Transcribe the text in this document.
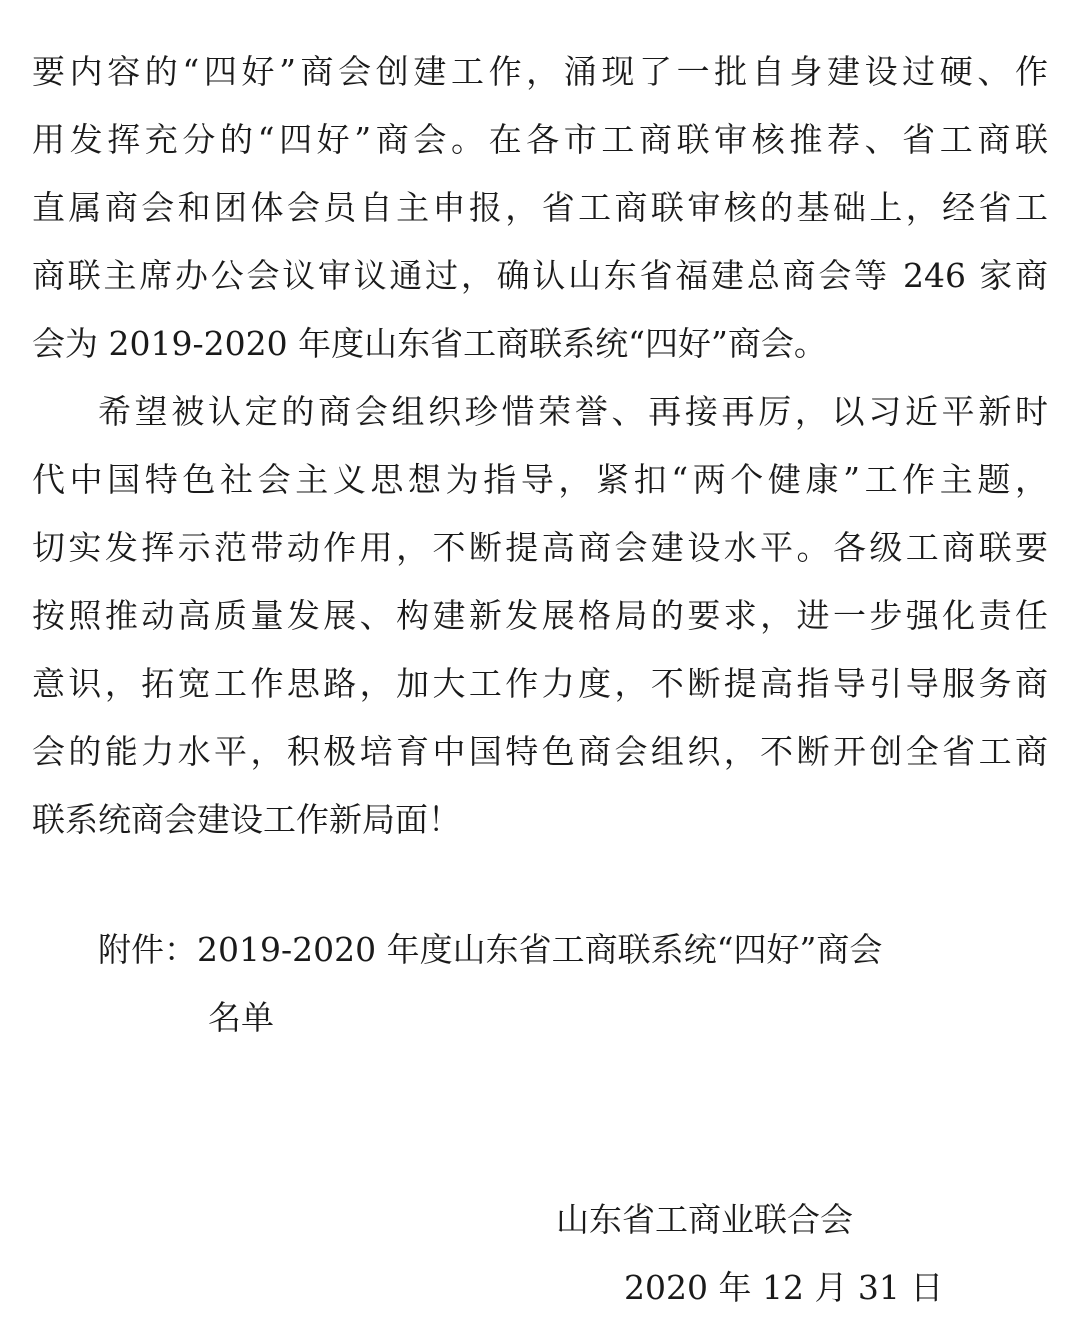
要内容的“四好”商会创建工作，涌现了一批自身建设过硬、作
用发挥充分的“四好”商会。在各市工商联审核推荐、省工商联
直属商会和团体会员自主申报，省工商联审核的基础上，经省工
商联主席办公会议审议通过，确认山东省福建总商会等 246 家商
会为 2019-2020 年度山东省工商联系统“四好”商会。
希望被认定的商会组织珍惜荣誉、再接再厉，以习近平新时
代中国特色社会主义思想为指导，紧扣“两个健康”工作主题，
切实发挥示范带动作用，不断提高商会建设水平。各级工商联要
按照推动高质量发展、构建新发展格局的要求，进一步强化责任
意识，拓宽工作思路，加大工作力度，不断提高指导引导服务商
会的能力水平，积极培育中国特色商会组织，不断开创全省工商
联系统商会建设工作新局面！
附件：2019-2020 年度山东省工商联系统“四好”商会
名单
山东省工商业联合会
2020 年 12 月 31 日
